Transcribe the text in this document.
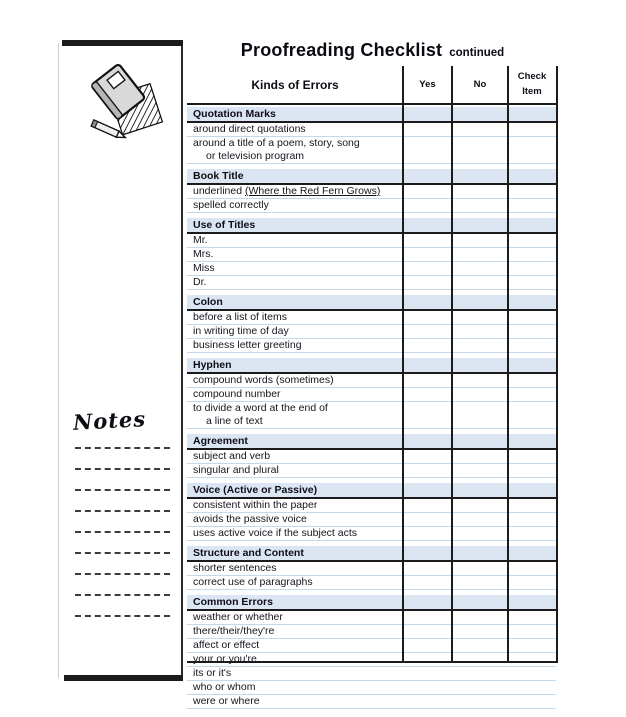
Notes
Proofreading Checklist continued
Kinds of Errors	Yes	No
Check Item
Quotation Marks
around direct quotations
around a title of a poem, story, song
or television program
Book Title
underlined (Where the Red Fern Grows)
spelled correctly
Use of Titles
Mr.
Mrs.
Miss
Dr.
Colon
before a list of items
in writing time of day
business letter greeting
Hyphen
compound words (sometimes)
compound number
to divide a word at the end of
a line of text
Agreement
subject and verb
singular and plural
Voice (Active or Passive)
consistent within the paper
avoids the passive voice
uses active voice if the subject acts
Structure and Content
shorter sentences
correct use of paragraphs
Common Errors
weather or whether
there/their/they're
affect or effect
your or you're
its or it's
who or whom
were or where
